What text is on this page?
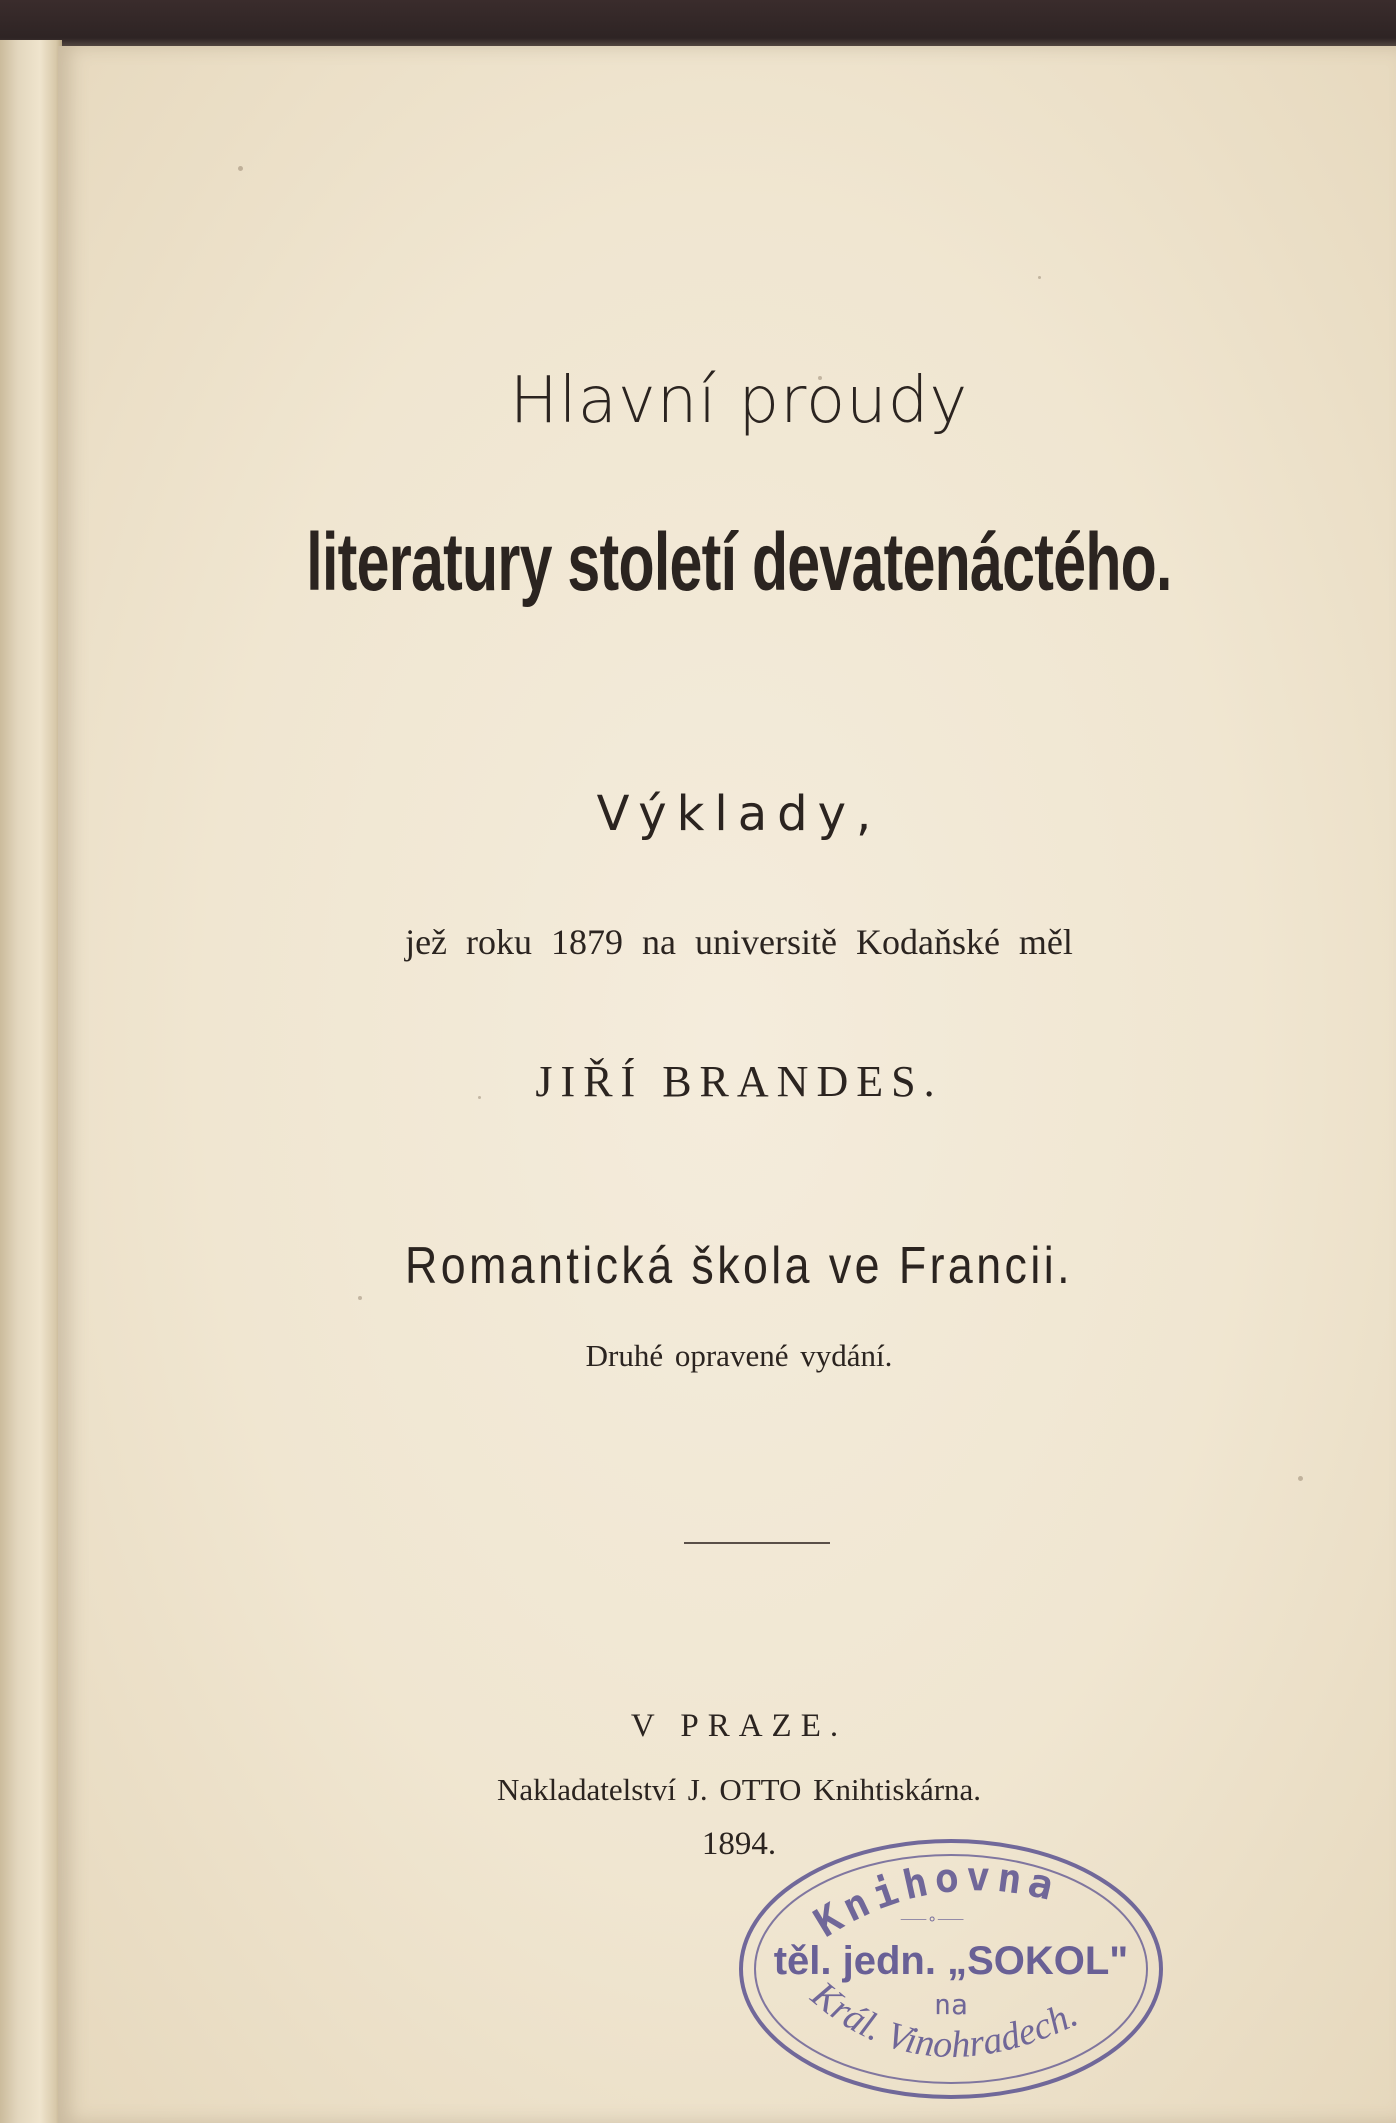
Hlavní proudy
literatury století devatenáctého.
Výklady,
jež roku 1879 na universitě Kodaňské měl
JIŘÍ BRANDES.
Romantická škola ve Francii.
Druhé opravené vydání.
V PRAZE.
Nakladatelství J. OTTO Knihtiskárna.
1894.
Knihovna
⸺∘⸺
těl. jedn. „SOKOL"
na
Král. Vinohradech.
